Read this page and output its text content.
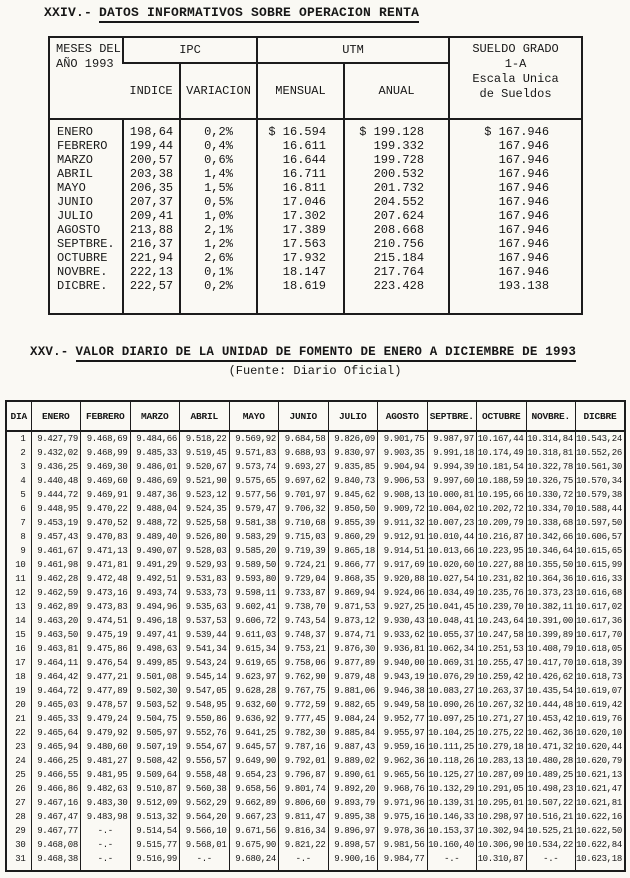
XXIV.- DATOS INFORMATIVOS SOBRE OPERACION RENTA
MESES DEL
AÑO 1993	IPC		UTM		SUELDO GRADO
1-A
Escala Unica
de Sueldos

	INDICE	VARIACION	MENSUAL	ANUAL	
ENERO	198,64	0,2%	$ 16.594	$ 199.128	$ 167.946
FEBRERO	199,44	0,4%	16.611	199.332	167.946
MARZO	200,57	0,6%	16.644	199.728	167.946
ABRIL	203,38	1,4%	16.711	200.532	167.946
MAYO	206,35	1,5%	16.811	201.732	167.946
JUNIO	207,37	0,5%	17.046	204.552	167.946
JULIO	209,41	1,0%	17.302	207.624	167.946
AGOSTO	213,88	2,1%	17.389	208.668	167.946
SEPTBRE.	216,37	1,2%	17.563	210.756	167.946
OCTUBRE	221,94	2,6%	17.932	215.184	167.946
NOVBRE.	222,13	0,1%	18.147	217.764	167.946
DICBRE.	222,57	0,2%	18.619	223.428	193.138
XXV.- VALOR DIARIO DE LA UNIDAD DE FOMENTO DE ENERO A DICIEMBRE DE 1993
(Fuente: Diario Oficial)
DIA	ENERO	FEBRERO	MARZO	ABRIL	MAYO	JUNIO	JULIO	AGOSTO	SEPTBRE.	OCTUBRE	NOVBRE.	DICBRE
1	9.427,79	9.468,69	9.484,66	9.518,22	9.569,92	9.684,58	9.826,09	9.901,75	9.987,97	10.167,44	10.314,84	10.543,24
2	9.432,02	9.468,99	9.485,33	9.519,45	9.571,83	9.688,93	9.830,97	9.903,35	9.991,18	10.174,49	10.318,81	10.552,26
3	9.436,25	9.469,30	9.486,01	9.520,67	9.573,74	9.693,27	9.835,85	9.904,94	9.994,39	10.181,54	10.322,78	10.561,30
4	9.440,48	9.469,60	9.486,69	9.521,90	9.575,65	9.697,62	9.840,73	9.906,53	9.997,60	10.188,59	10.326,75	10.570,34
5	9.444,72	9.469,91	9.487,36	9.523,12	9.577,56	9.701,97	9.845,62	9.908,13	10.000,81	10.195,66	10.330,72	10.579,38
6	9.448,95	9.470,22	9.488,04	9.524,35	9.579,47	9.706,32	9.850,50	9.909,72	10.004,02	10.202,72	10.334,70	10.588,44
7	9.453,19	9.470,52	9.488,72	9.525,58	9.581,38	9.710,68	9.855,39	9.911,32	10.007,23	10.209,79	10.338,68	10.597,50
8	9.457,43	9.470,83	9.489,40	9.526,80	9.583,29	9.715,03	9.860,29	9.912,91	10.010,44	10.216,87	10.342,66	10.606,57
9	9.461,67	9.471,13	9.490,07	9.528,03	9.585,20	9.719,39	9.865,18	9.914,51	10.013,66	10.223,95	10.346,64	10.615,65
10	9.461,98	9.471,81	9.491,29	9.529,93	9.589,50	9.724,21	9.866,77	9.917,69	10.020,60	10.227,88	10.355,50	10.615,99
11	9.462,28	9.472,48	9.492,51	9.531,83	9.593,80	9.729,04	9.868,35	9.920,88	10.027,54	10.231,82	10.364,36	10.616,33
12	9.462,59	9.473,16	9.493,74	9.533,73	9.598,11	9.733,87	9.869,94	9.924,06	10.034,49	10.235,76	10.373,23	10.616,68
13	9.462,89	9.473,83	9.494,96	9.535,63	9.602,41	9.738,70	9.871,53	9.927,25	10.041,45	10.239,70	10.382,11	10.617,02
14	9.463,20	9.474,51	9.496,18	9.537,53	9.606,72	9.743,54	9.873,12	9.930,43	10.048,41	10.243,64	10.391,00	10.617,36
15	9.463,50	9.475,19	9.497,41	9.539,44	9.611,03	9.748,37	9.874,71	9.933,62	10.055,37	10.247,58	10.399,89	10.617,70
16	9.463,81	9.475,86	9.498,63	9.541,34	9.615,34	9.753,21	9.876,30	9.936,81	10.062,34	10.251,53	10.408,79	10.618,05
17	9.464,11	9.476,54	9.499,85	9.543,24	9.619,65	9.758,06	9.877,89	9.940,00	10.069,31	10.255,47	10.417,70	10.618,39
18	9.464,42	9.477,21	9.501,08	9.545,14	9.623,97	9.762,90	9.879,48	9.943,19	10.076,29	10.259,42	10.426,62	10.618,73
19	9.464,72	9.477,89	9.502,30	9.547,05	9.628,28	9.767,75	9.881,06	9.946,38	10.083,27	10.263,37	10.435,54	10.619,07
20	9.465,03	9.478,57	9.503,52	9.548,95	9.632,60	9.772,59	9.882,65	9.949,58	10.090,26	10.267,32	10.444,48	10.619,42
21	9.465,33	9.479,24	9.504,75	9.550,86	9.636,92	9.777,45	9.084,24	9.952,77	10.097,25	10.271,27	10.453,42	10.619,76
22	9.465,64	9.479,92	9.505,97	9.552,76	9.641,25	9.782,30	9.885,84	9.955,97	10.104,25	10.275,22	10.462,36	10.620,10
23	9.465,94	9.480,60	9.507,19	9.554,67	9.645,57	9.787,16	9.887,43	9.959,16	10.111,25	10.279,18	10.471,32	10.620,44
24	9.466,25	9.481,27	9.508,42	9.556,57	9.649,90	9.792,01	9.889,02	9.962,36	10.118,26	10.283,13	10.480,28	10.620,79
25	9.466,55	9.481,95	9.509,64	9.558,48	9.654,23	9.796,87	9.890,61	9.965,56	10.125,27	10.287,09	10.489,25	10.621,13
26	9.466,86	9.482,63	9.510,87	9.560,38	9.658,56	9.801,74	9.892,20	9.968,76	10.132,29	10.291,05	10.498,23	10.621,47
27	9.467,16	9.483,30	9.512,09	9.562,29	9.662,89	9.806,60	9.893,79	9.971,96	10.139,31	10.295,01	10.507,22	10.621,81
28	9.467,47	9.483,98	9.513,32	9.564,20	9.667,23	9.811,47	9.895,38	9.975,16	10.146,33	10.298,97	10.516,21	10.622,16
29	9.467,77	-.-	9.514,54	9.566,10	9.671,56	9.816,34	9.896,97	9.978,36	10.153,37	10.302,94	10.525,21	10.622,50
30	9.468,08	-.-	9.515,77	9.568,01	9.675,90	9.821,22	9.898,57	9.981,56	10.160,40	10.306,90	10.534,22	10.622,84
31	9.468,38	-.-	9.516,99	-.-	9.680,24	-.-	9.900,16	9.984,77	-.-	10.310,87	-.-	10.623,18
